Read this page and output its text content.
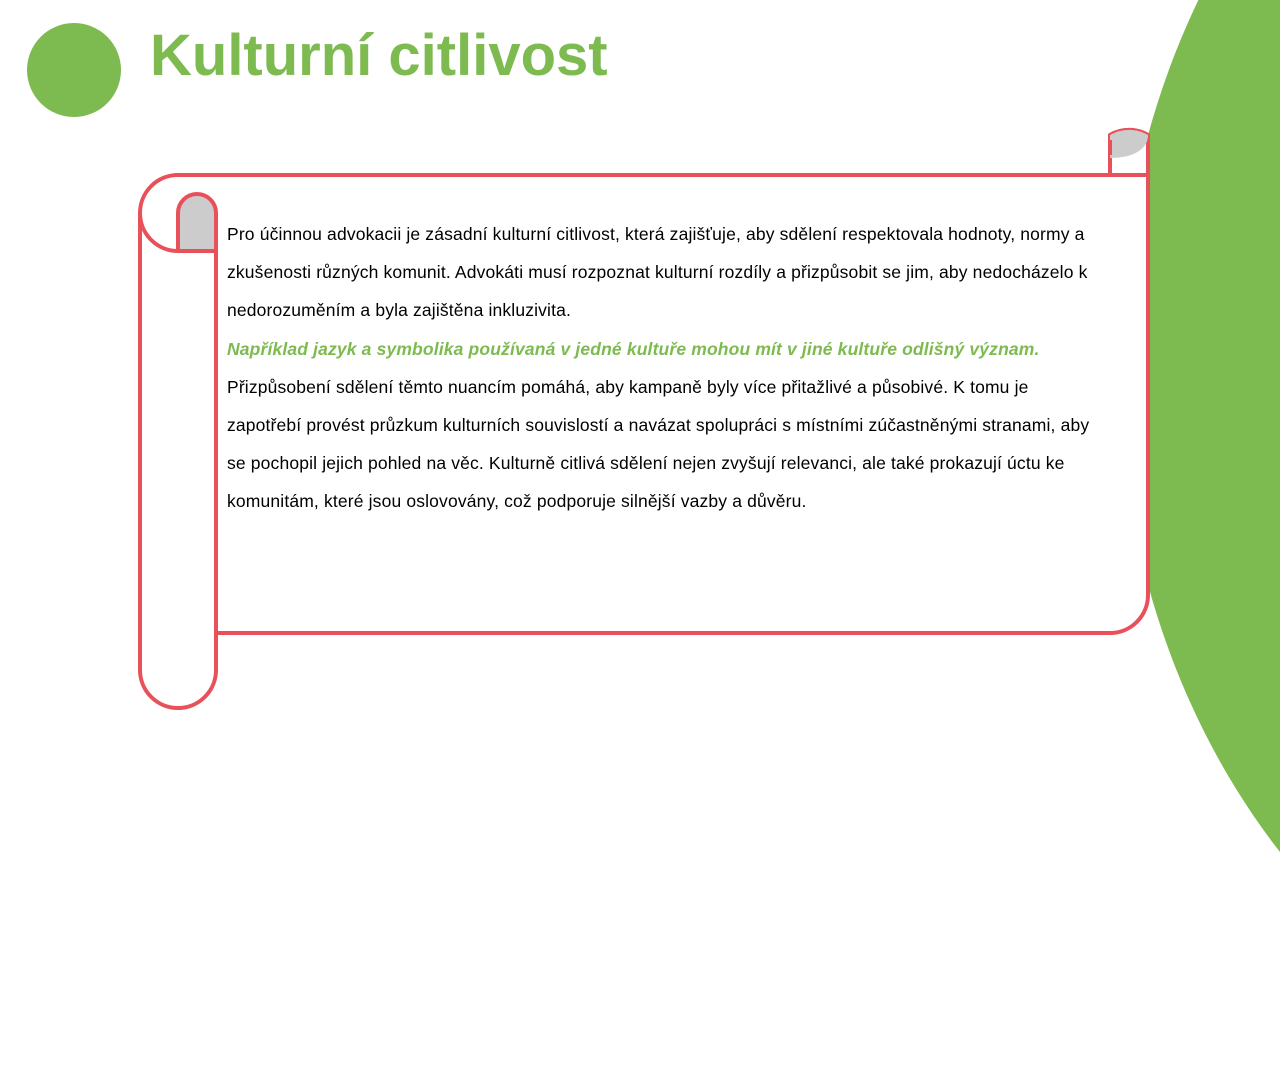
Kulturní citlivost

Pro účinnou advokacii je zásadní kulturní citlivost, která zajišťuje, aby sdělení respektovala hodnoty, normy a zkušenosti různých komunit. Advokáti musí rozpoznat kulturní rozdíly a přizpůsobit se jim, aby nedocházelo k nedorozuměním a byla zajištěna inkluzivita.

Například jazyk a symbolika používaná v jedné kultuře mohou mít v jiné kultuře odlišný význam.

Přizpůsobení sdělení těmto nuancím pomáhá, aby kampaně byly více přitažlivé a působivé. K tomu je zapotřebí provést průzkum kulturních souvislostí a navázat spolupráci s místními zúčastněnými stranami, aby se pochopil jejich pohled na věc. Kulturně citlivá sdělení nejen zvyšují relevanci, ale také prokazují úctu ke komunitám, které jsou oslovovány, což podporuje silnější vazby a důvěru.
